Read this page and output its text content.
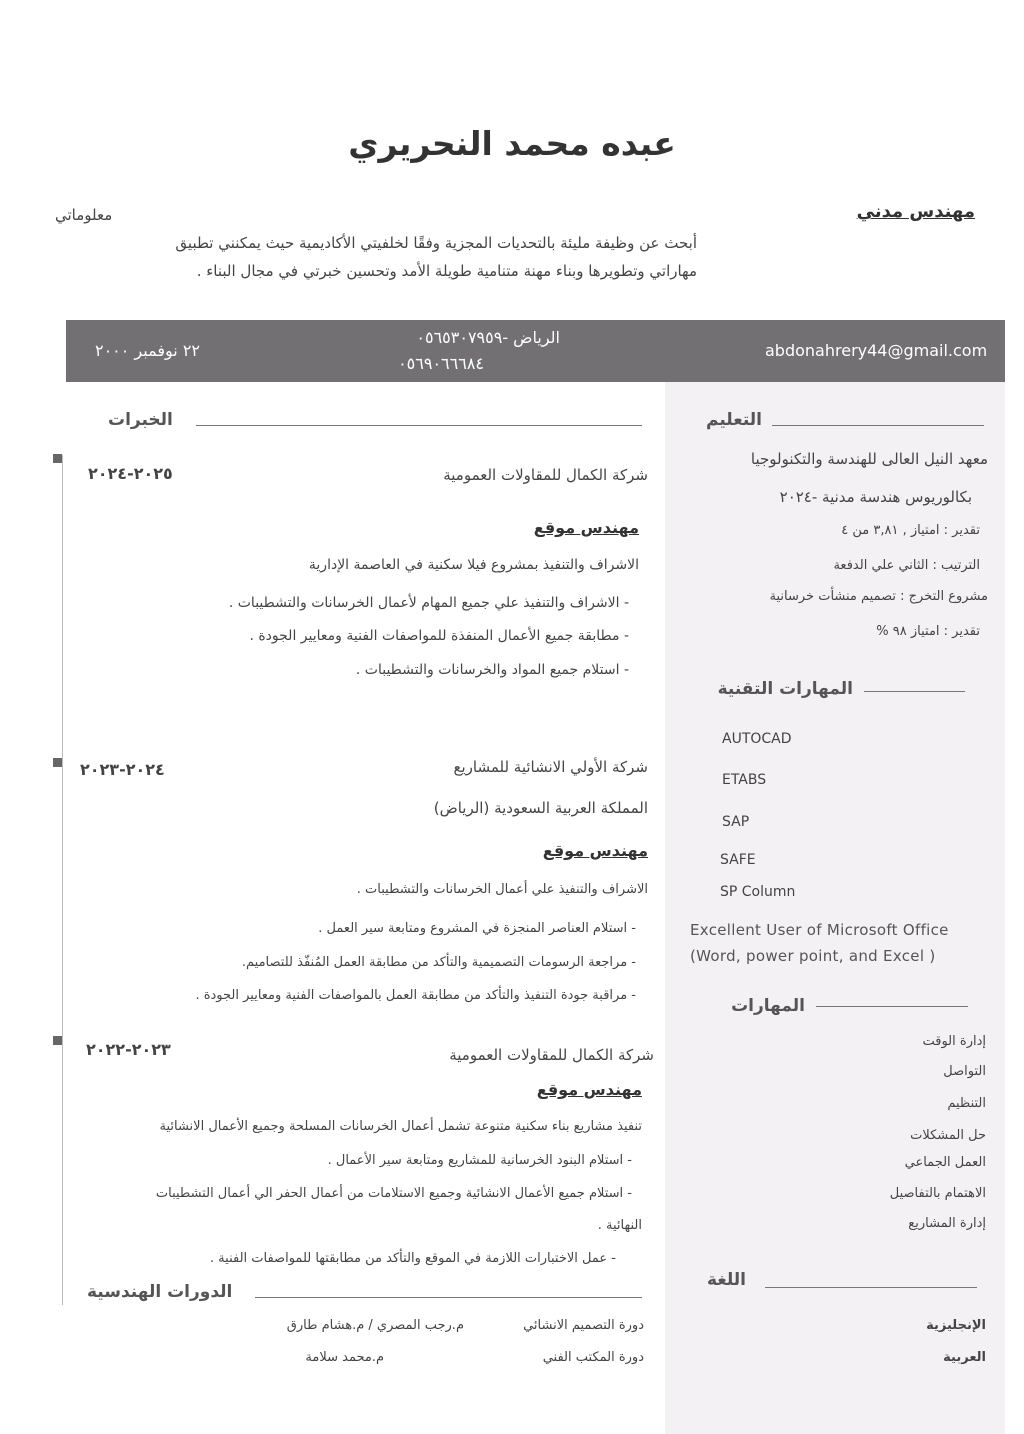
عبده محمد النحريري
مهندس مدني
معلوماتي
أبحث عن وظيفة مليئة بالتحديات المجزية وفقًا لخلفيتي الأكاديمية حيث يمكنني تطبيق
مهاراتي وتطويرها وبناء مهنة متنامية طويلة الأمد وتحسين خبرتي في مجال البناء .
abdonahrery44@gmail.com
الرياض -٠٥٦٥٣٠٧٩٥٩
٠٥٦٩٠٦٦٦٨٤
٢٢ نوفمبر ٢٠٠٠
الخبرات
شركة الكمال للمقاولات العمومية
٢٠٢٥-٢٠٢٤
مهندس موقع
الاشراف والتنفيذ بمشروع فيلا سكنية في العاصمة الإدارية
- الاشراف والتنفيذ علي جميع المهام لأعمال الخرسانات والتشطيبات .
- مطابقة جميع الأعمال المنفذة للمواصفات الفنية ومعايير الجودة .
- استلام جميع المواد والخرسانات والتشطيبات .
شركة الأولي الانشائية للمشاريع
٢٠٢٤-٢٠٢٣
المملكة العربية السعودية (الرياض)
مهندس موقع
الاشراف والتنفيذ علي أعمال الخرسانات والتشطيبات .
- استلام العناصر المنجزة في المشروع ومتابعة سير العمل .
- مراجعة الرسومات التصميمية والتأكد من مطابقة العمل المُنفّذ للتصاميم.
- مراقبة جودة التنفيذ والتأكد من مطابقة العمل بالمواصفات الفنية ومعايير الجودة .
شركة الكمال للمقاولات العمومية
٢٠٢٣-٢٠٢٢
مهندس موقع
تنفيذ مشاريع بناء سكنية متنوعة تشمل أعمال الخرسانات المسلحة وجميع الأعمال الانشائية
- استلام البنود الخرسانية للمشاريع ومتابعة سير الأعمال .
- استلام جميع الأعمال الانشائية وجميع الاستلامات من أعمال الحفر الي أعمال التشطيبات
النهائية .
- عمل الاختبارات اللازمة في الموقع والتأكد من مطابقتها للمواصفات الفنية .
الدورات الهندسية
دورة التصميم الانشائي
م.رجب المصري / م.هشام طارق
دورة المكتب الفني
م.محمد سلامة
التعليم
معهد النيل العالى للهندسة والتكنولوجيا
بكالوريوس هندسة مدنية -٢٠٢٤
تقدير : امتياز , ٣,٨١ من ٤
الترتيب : الثاني علي الدفعة
مشروع التخرج : تصميم منشأت خرسانية
تقدير : امتياز ٩٨ %
المهارات التقنية
AUTOCAD
ETABS
SAP
SAFE
SP Column
Excellent User of Microsoft Office
(Word, power point, and Excel )
المهارات
إدارة الوقت
التواصل
التنظيم
حل المشكلات
العمل الجماعي
الاهتمام بالتفاصيل
إدارة المشاريع
اللغة
الإنجليزية
العربية
